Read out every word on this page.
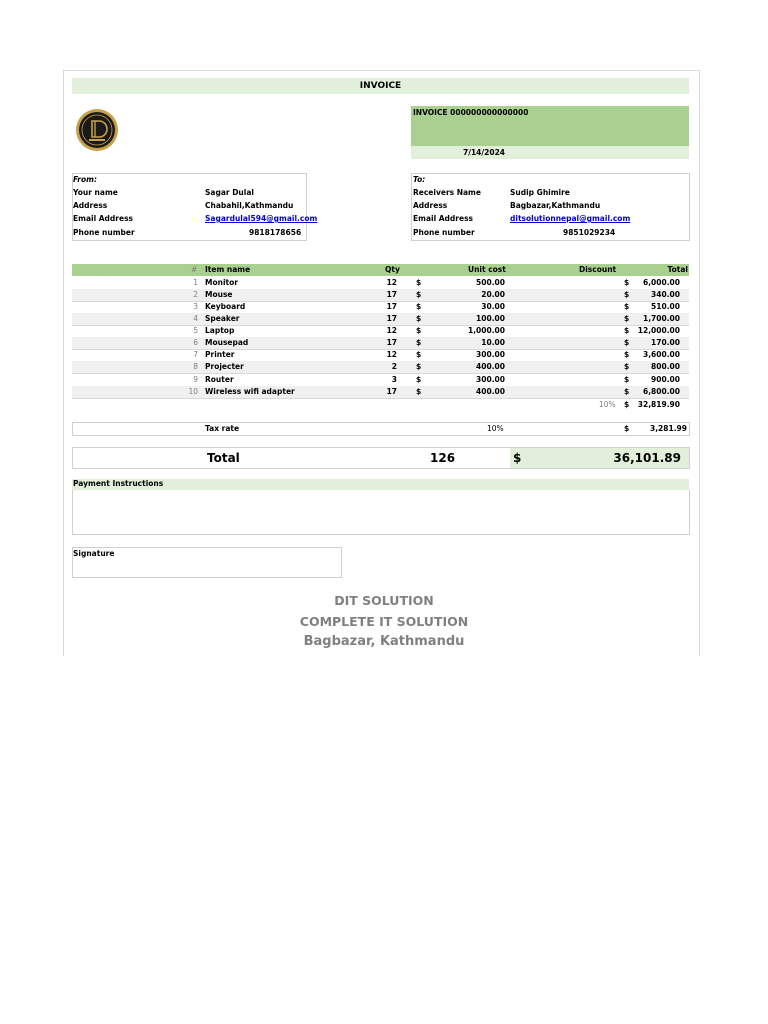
INVOICE
INVOICE 000000000000000
7/14/2024
From:
Your name	Sagar Dulal
Address	Chabahil,Kathmandu
Email Address	Sagardulal594@gmail.com
Phone number	9818178656
To:
Receivers Name	Sudip Ghimire
Address	Bagbazar,Kathmandu
Email Address	ditsolutionnepal@gmail.com
Phone number	9851029234
# Item name	Qty	Unit cost	Discount	Total
1 Monitor	12	$	500.00	$ 6,000.00
2 Mouse	17	$	20.00	$	340.00
3 Keyboard	17	$	30.00	$	510.00
4 Speaker	17	$	100.00	$ 1,700.00
5 Laptop	12	$	1,000.00	$ 12,000.00
6 Mousepad	17	$	10.00	$	170.00
7 Printer	12	$	300.00	$ 3,600.00
8 Projecter	2	$	400.00	$	800.00
9 Router	3	$	300.00	$	900.00
10 Wireless wifi adapter	17	$	400.00	$ 6,800.00
10% $ 32,819.90
Tax rate	10%	$	3,281.99
Total	126	$	36,101.89
Payment Instructions
Signature
DIT SOLUTION
COMPLETE IT SOLUTION
Bagbazar, Kathmandu
